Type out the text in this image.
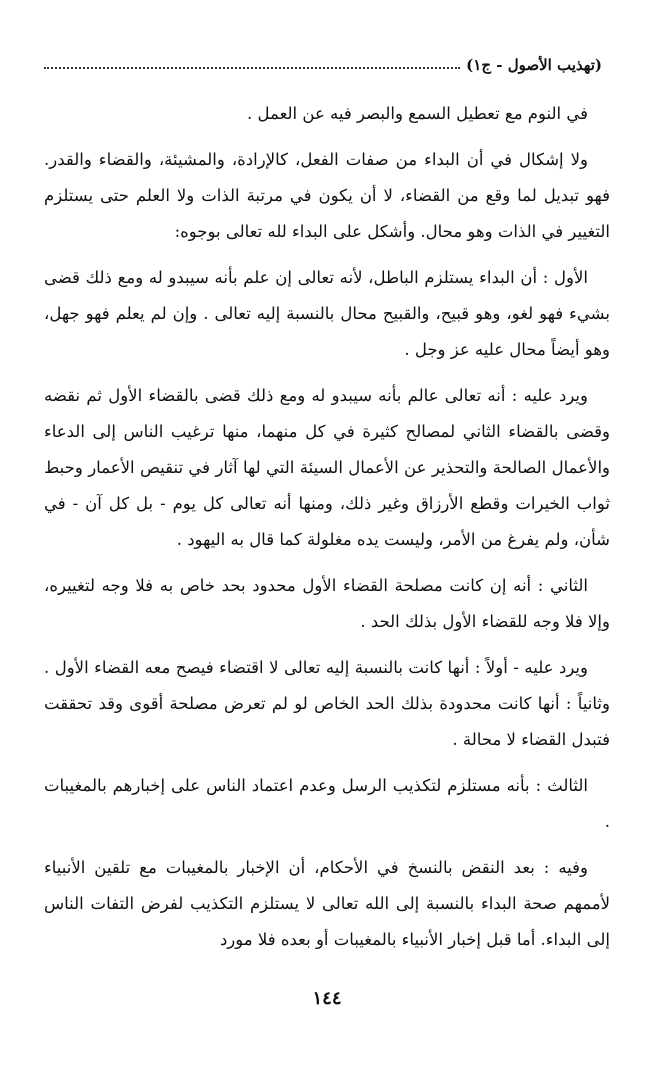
(تهذيب الأصول - ج١)

في النوم مع تعطيل السمع والبصر فيه عن العمل .

ولا إشكال في أن البداء من صفات الفعل، كالإرادة، والمشيئة، والقضاء والقدر. فهو تبديل لما وقع من القضاء، لا أن يكون في مرتبة الذات ولا العلم حتى يستلزم التغيير في الذات وهو محال. وأشكل على البداء لله تعالى بوجوه:

الأول : أن البداء يستلزم الباطل، لأنه تعالى إن علم بأنه سيبدو له ومع ذلك قضى بشيء فهو لغو، وهو قبيح، والقبيح محال بالنسبة إليه تعالى . وإن لم يعلم فهو جهل، وهو أيضاً محال عليه عز وجل .

ويرد عليه : أنه تعالى عالم بأنه سيبدو له ومع ذلك قضى بالقضاء الأول ثم نقضه وقضى بالقضاء الثاني لمصالح كثيرة في كل منهما، منها ترغيب الناس إلى الدعاء والأعمال الصالحة والتحذير عن الأعمال السيئة التي لها آثار في تنقيص الأعمار وحبط ثواب الخيرات وقطع الأرزاق وغير ذلك، ومنها أنه تعالى كل يوم - بل كل آن - في شأن، ولم يفرغ من الأمر، وليست يده مغلولة كما قال به اليهود .

الثاني : أنه إن كانت مصلحة القضاء الأول محدود بحد خاص به فلا وجه لتغييره، وإلا فلا وجه للقضاء الأول بذلك الحد .

ويرد عليه - أولاً : أنها كانت بالنسبة إليه تعالى لا اقتضاء فيصح معه القضاء الأول . وثانياً : أنها كانت محدودة بذلك الحد الخاص لو لم تعرض مصلحة أقوى وقد تحققت فتبدل القضاء لا محالة .

الثالث : بأنه مستلزم لتكذيب الرسل وعدم اعتماد الناس على إخبارهم بالمغيبات .

وفيه : بعد النقض بالنسخ في الأحكام، أن الإخبار بالمغيبات مع تلقين الأنبياء لأممهم صحة البداء بالنسبة إلى الله تعالى لا يستلزم التكذيب لفرض التفات الناس إلى البداء. أما قبل إخبار الأنبياء بالمغيبات أو بعده فلا مورد

١٤٤
